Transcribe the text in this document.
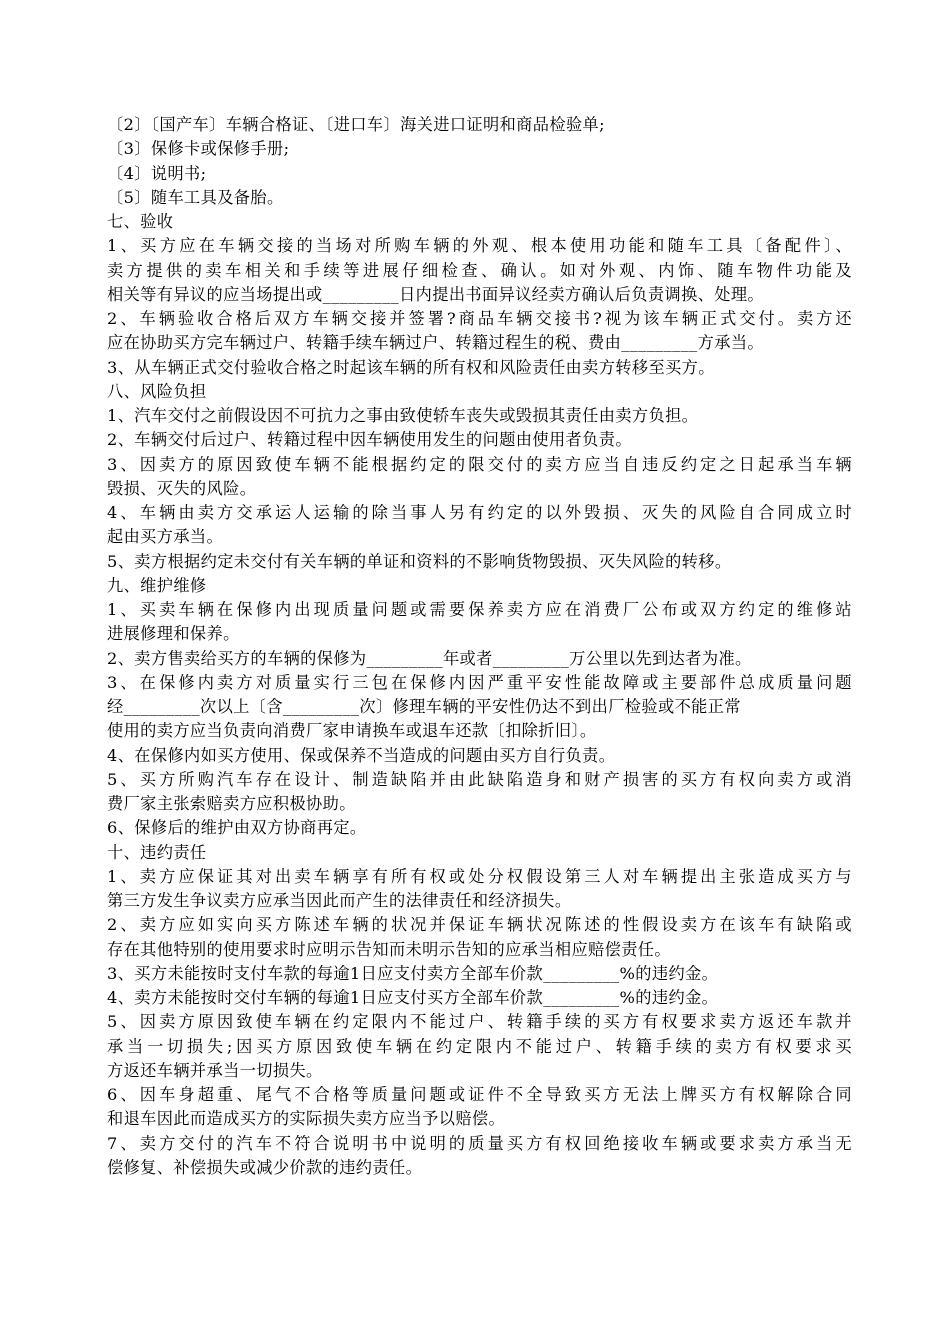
〔2〕〔国产车〕车辆合格证、〔进口车〕海关进口证明和商品检验单;
〔3〕保修卡或保修手册;
〔4〕说明书;
〔5〕随车工具及备胎。
七、验收
1、买方应在车辆交接的当场对所购车辆的外观、根本使用功能和随车工具〔备配件〕、
卖方提供的卖车相关和手续等进展仔细检查、确认。如对外观、内饰、随车物件功能及
相关等有异议的应当场提出或_________日内提出书面异议经卖方确认后负责调换、处理。
2、车辆验收合格后双方车辆交接并签署?商品车辆交接书?视为该车辆正式交付。卖方还
应在协助买方完车辆过户、转籍手续车辆过户、转籍过程生的税、费由_________方承当。
3、从车辆正式交付验收合格之时起该车辆的所有权和风险责任由卖方转移至买方。
八、风险负担
1、汽车交付之前假设因不可抗力之事由致使轿车丧失或毁损其责任由卖方负担。
2、车辆交付后过户、转籍过程中因车辆使用发生的问题由使用者负责。
3、因卖方的原因致使车辆不能根据约定的限交付的卖方应当自违反约定之日起承当车辆
毁损、灭失的风险。
4、车辆由卖方交承运人运输的除当事人另有约定的以外毁损、灭失的风险自合同成立时
起由买方承当。
5、卖方根据约定未交付有关车辆的单证和资料的不影响货物毁损、灭失风险的转移。
九、维护维修
1、买卖车辆在保修内出现质量问题或需要保养卖方应在消费厂公布或双方约定的维修站
进展修理和保养。
2、卖方售卖给买方的车辆的保修为_________年或者_________万公里以先到达者为准。
3、在保修内卖方对质量实行三包在保修内因严重平安性能故障或主要部件总成质量问题
经_________次以上〔含_________次〕修理车辆的平安性仍达不到出厂检验或不能正常
使用的卖方应当负责向消费厂家申请换车或退车还款〔扣除折旧〕。
4、在保修内如买方使用、保或保养不当造成的问题由买方自行负责。
5、买方所购汽车存在设计、制造缺陷并由此缺陷造身和财产损害的买方有权向卖方或消
费厂家主张索赔卖方应积极协助。
6、保修后的维护由双方协商再定。
十、违约责任
1、卖方应保证其对出卖车辆享有所有权或处分权假设第三人对车辆提出主张造成买方与
第三方发生争议卖方应承当因此而产生的法律责任和经济损失。
2、卖方应如实向买方陈述车辆的状况并保证车辆状况陈述的性假设卖方在该车有缺陷或
存在其他特别的使用要求时应明示告知而未明示告知的应承当相应赔偿责任。
3、买方未能按时支付车款的每逾1日应支付卖方全部车价款_________%的违约金。
4、卖方未能按时交付车辆的每逾1日应支付买方全部车价款_________%的违约金。
5、因卖方原因致使车辆在约定限内不能过户、转籍手续的买方有权要求卖方返还车款并
承当一切损失;因买方原因致使车辆在约定限内不能过户、转籍手续的卖方有权要求买
方返还车辆并承当一切损失。
6、因车身超重、尾气不合格等质量问题或证件不全导致买方无法上牌买方有权解除合同
和退车因此而造成买方的实际损失卖方应当予以赔偿。
7、卖方交付的汽车不符合说明书中说明的质量买方有权回绝接收车辆或要求卖方承当无
偿修复、补偿损失或减少价款的违约责任。
